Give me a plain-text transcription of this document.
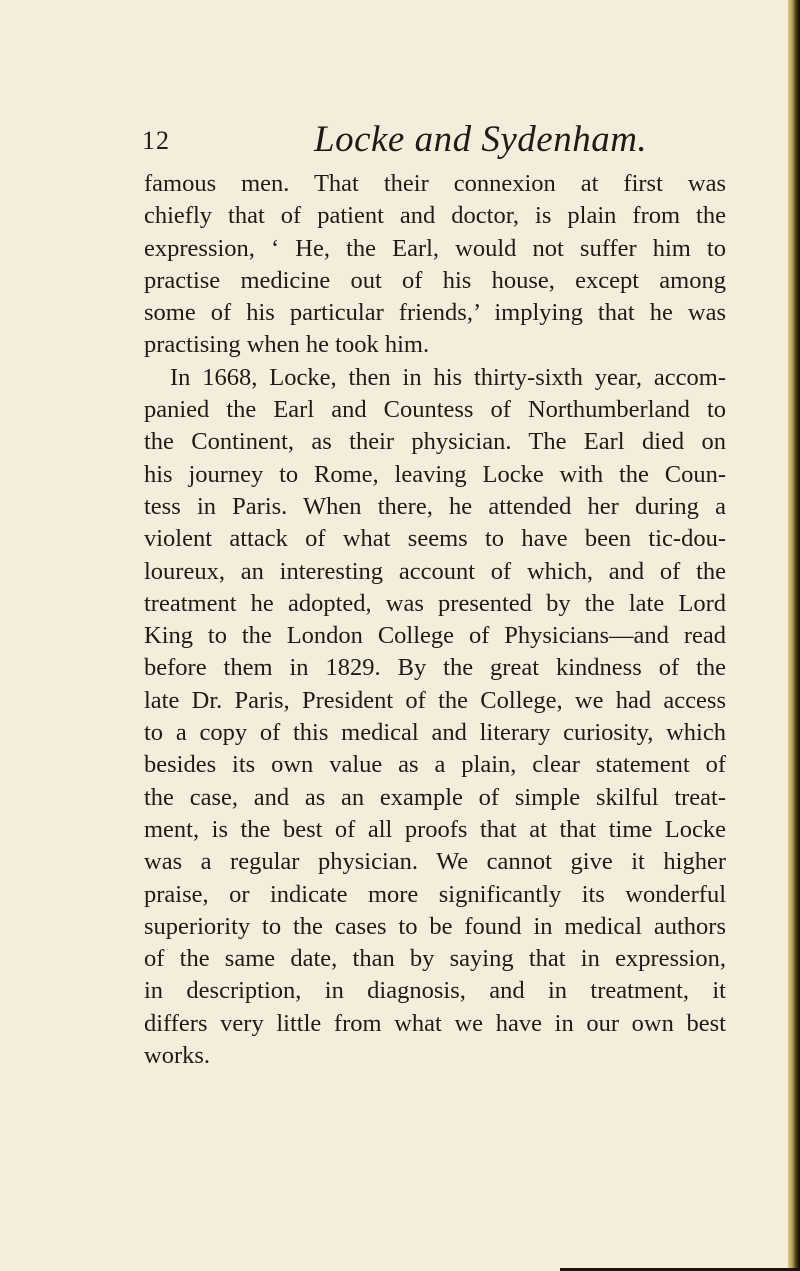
12	Locke and Sydenham.
famous men. That their connexion at first was
chiefly that of patient and doctor, is plain from the
expression, ‘ He, the Earl, would not suffer him to
practise medicine out of his house, except among
some of his particular friends,’ implying that he was
practising when he took him.
In 1668, Locke, then in his thirty-sixth year, accom-
panied the Earl and Countess of Northumberland to
the Continent, as their physician. The Earl died on
his journey to Rome, leaving Locke with the Coun-
tess in Paris. When there, he attended her during a
violent attack of what seems to have been tic-dou-
loureux, an interesting account of which, and of the
treatment he adopted, was presented by the late Lord
King to the London College of Physicians—and read
before them in 1829. By the great kindness of the
late Dr. Paris, President of the College, we had access
to a copy of this medical and literary curiosity, which
besides its own value as a plain, clear statement of
the case, and as an example of simple skilful treat-
ment, is the best of all proofs that at that time Locke
was a regular physician. We cannot give it higher
praise, or indicate more significantly its wonderful
superiority to the cases to be found in medical authors
of the same date, than by saying that in expression,
in description, in diagnosis, and in treatment, it
differs very little from what we have in our own best
works.
